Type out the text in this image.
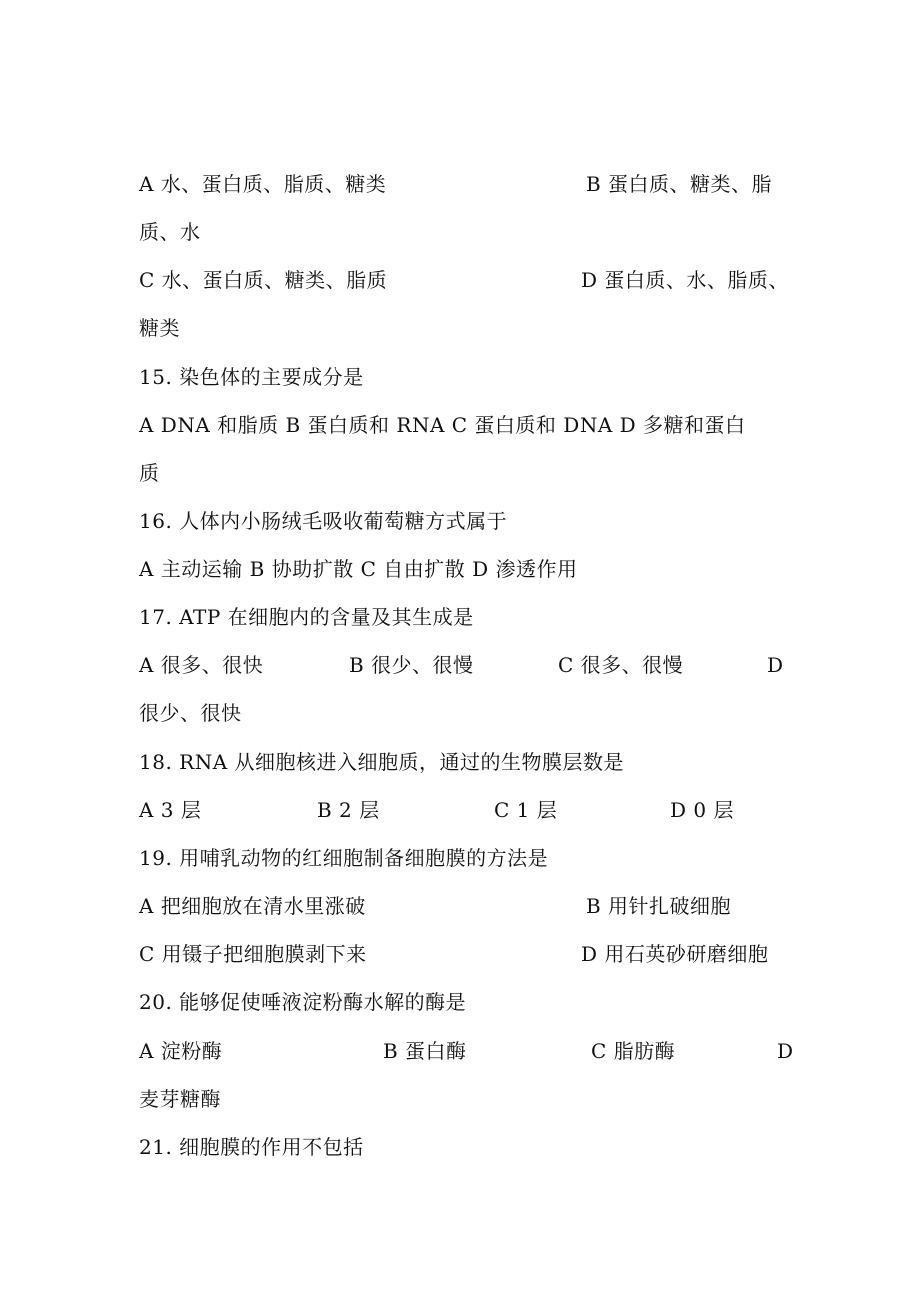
A 水、蛋白质、脂质、糖类	B 蛋白质、糖类、脂
质、水
C 水、蛋白质、糖类、脂质	D 蛋白质、水、脂质、
糖类
15. 染色体的主要成分是
A DNA 和脂质 B 蛋白质和 RNA C 蛋白质和 DNA D 多糖和蛋白
质
16. 人体内小肠绒毛吸收葡萄糖方式属于
A 主动运输 B 协助扩散 C 自由扩散 D 渗透作用
17. ATP 在细胞内的含量及其生成是
A 很多、很快	B 很少、很慢	C 很多、很慢	D
很少、很快
18. RNA 从细胞核进入细胞质，通过的生物膜层数是
A 3 层	B 2 层	C 1 层	D 0 层
19. 用哺乳动物的红细胞制备细胞膜的方法是
A 把细胞放在清水里涨破	B 用针扎破细胞
C 用镊子把细胞膜剥下来	D 用石英砂研磨细胞
20. 能够促使唾液淀粉酶水解的酶是
A 淀粉酶	B 蛋白酶	C 脂肪酶	D
麦芽糖酶
21. 细胞膜的作用不包括
